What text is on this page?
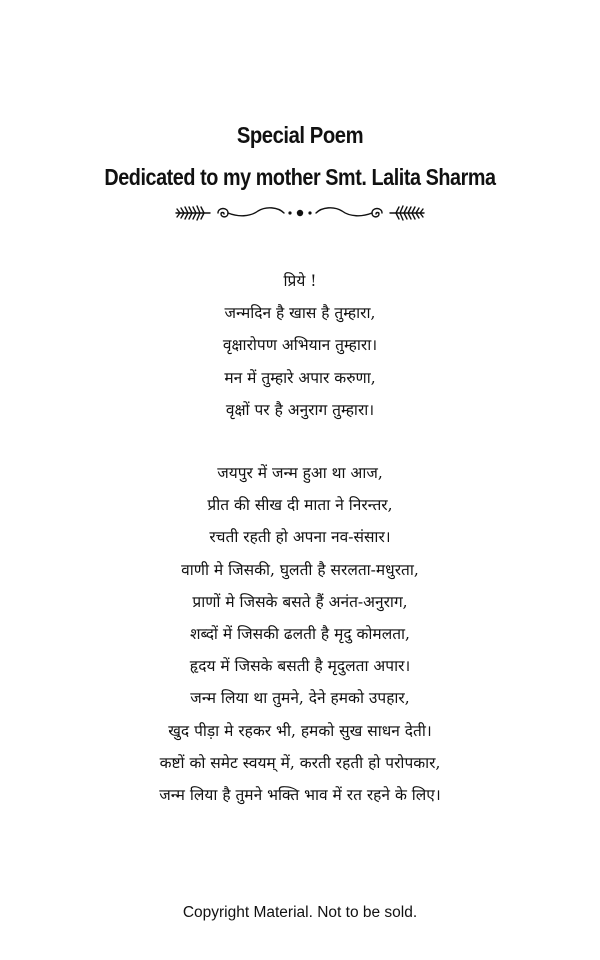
Special Poem
Dedicated to my mother Smt. Lalita Sharma
प्रिये !
जन्मदिन है खास है तुम्हारा,
वृक्षारोपण अभियान तुम्हारा।
मन में तुम्हारे अपार करुणा,
वृक्षों पर है अनुराग तुम्हारा।
जयपुर में जन्म हुआ था आज,
प्रीत की सीख दी माता ने निरन्तर,
रचती रहती हो अपना नव-संसार।
वाणी मे जिसकी, घुलती है सरलता-मधुरता,
प्राणों मे जिसके बसते हैं अनंत-अनुराग,
शब्दों में जिसकी ढलती है मृदु कोमलता,
हृदय में जिसके बसती है मृदुलता अपार।
जन्म लिया था तुमने, देने हमको उपहार,
खुद पीड़ा मे रहकर भी, हमको सुख साधन देती।
कष्टों को समेट स्वयम् में, करती रहती हो परोपकार,
जन्म लिया है तुमने भक्ति भाव में रत रहने के लिए।
Copyright Material. Not to be sold.
